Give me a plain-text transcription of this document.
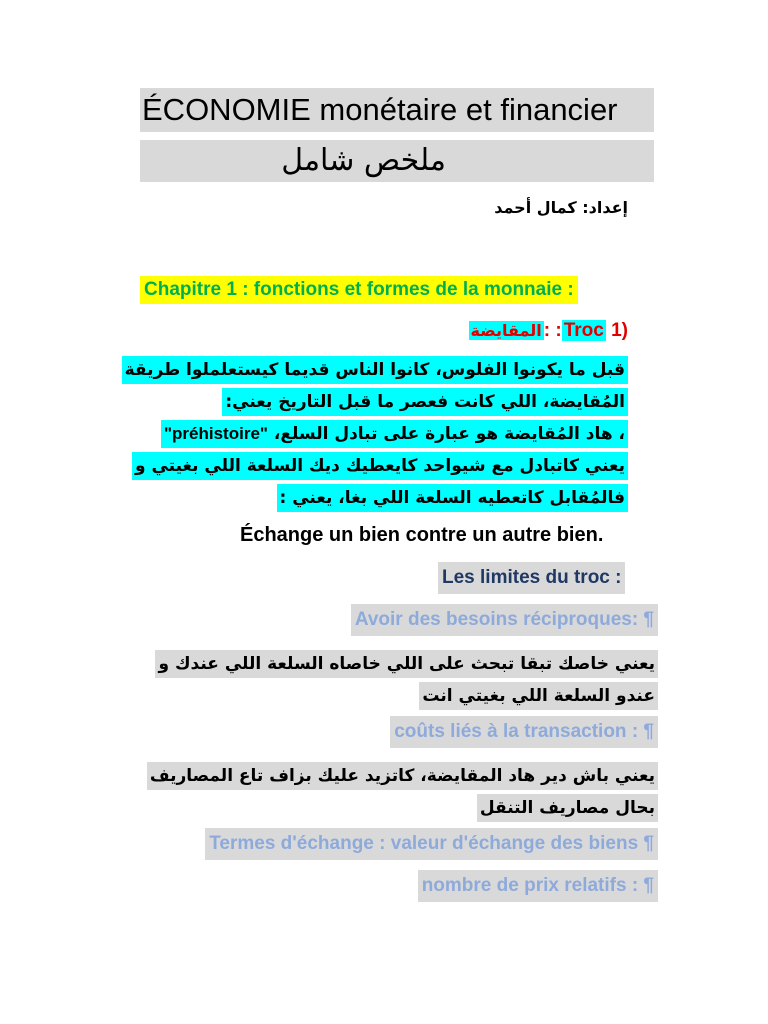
ÉCONOMIE monétaire et financier
ملخص شامل
إعداد: كمال أحمد
Chapitre 1 : fonctions et formes de la monnaie :
المقايضة : : Troc 1)
قبل ما يكونوا الفلوس، كانوا الناس قديما كيستعلملوا طريقة
المُقايضة، اللي كانت فعصر ما قبل التاريخ يعني:
، هاد المُقايضة هو عبارة على تبادل السلع، "préhistoire"
يعني كاتبادل مع شيواحد كايعطيك ديك السلعة اللي بغيتي و
فالمُقابل كاتعطيه السلعة اللي بغا، يعني :
Échange un bien contre un autre bien.
Les limites du troc :
Avoir des besoins réciproques: ¶
يعني خاصك تبقا تبحث على اللي خاصاه السلعة اللي عندك و
عندو السلعة اللي بغيتي انت
coûts liés à la transaction : ¶
يعني باش دير هاد المقايضة، كاتزيد عليك بزاف تاع المصاريف
بحال مصاريف التنقل
Termes d'échange : valeur d'échange des biens ¶
nombre de prix relatifs : ¶
